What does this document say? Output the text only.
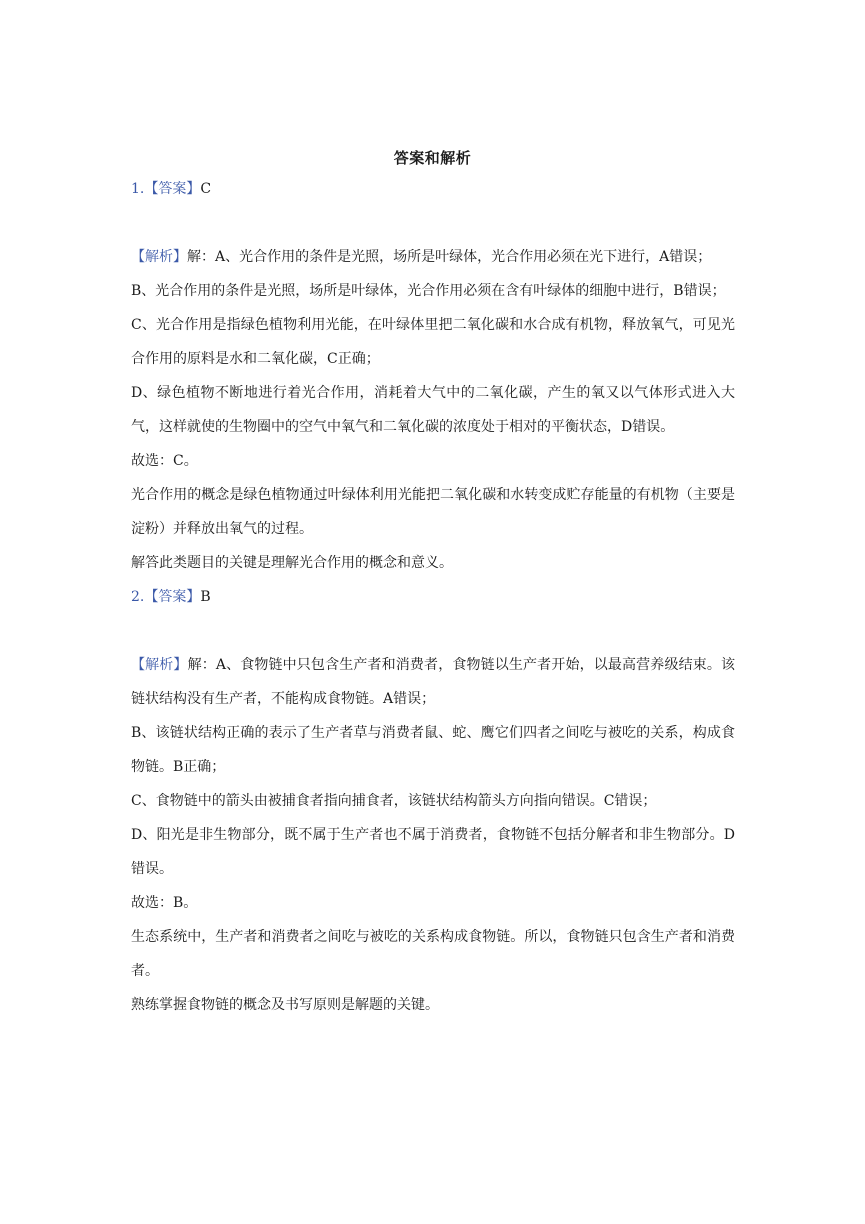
答案和解析

1.【答案】C

【解析】解：A、光合作用的条件是光照，场所是叶绿体，光合作用必须在光下进行，A错误；

B、光合作用的条件是光照，场所是叶绿体，光合作用必须在含有叶绿体的细胞中进行，B错误；

C、光合作用是指绿色植物利用光能，在叶绿体里把二氧化碳和水合成有机物，释放氧气，可见光合作用的原料是水和二氧化碳，C正确；

D、绿色植物不断地进行着光合作用，消耗着大气中的二氧化碳，产生的氧又以气体形式进入大气，这样就使的生物圈中的空气中氧气和二氧化碳的浓度处于相对的平衡状态，D错误。

故选：C。

光合作用的概念是绿色植物通过叶绿体利用光能把二氧化碳和水转变成贮存能量的有机物（主要是淀粉）并释放出氧气的过程。

解答此类题目的关键是理解光合作用的概念和意义。

2.【答案】B

【解析】解：A、食物链中只包含生产者和消费者，食物链以生产者开始，以最高营养级结束。该链状结构没有生产者，不能构成食物链。A错误；

B、该链状结构正确的表示了生产者草与消费者鼠、蛇、鹰它们四者之间吃与被吃的关系，构成食物链。B正确；

C、食物链中的箭头由被捕食者指向捕食者，该链状结构箭头方向指向错误。C错误；

D、阳光是非生物部分，既不属于生产者也不属于消费者，食物链不包括分解者和非生物部分。D错误。

故选：B。

生态系统中，生产者和消费者之间吃与被吃的关系构成食物链。所以，食物链只包含生产者和消费者。

熟练掌握食物链的概念及书写原则是解题的关键。
